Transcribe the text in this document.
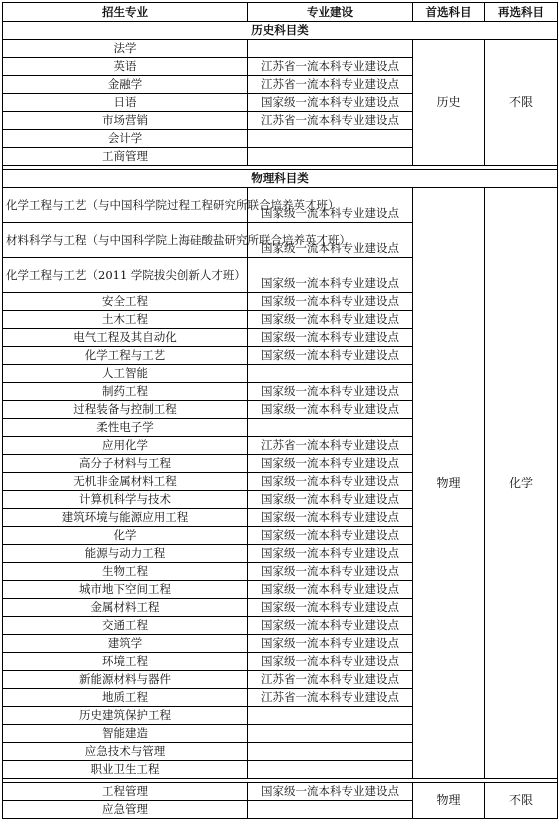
招生专业	专业建设	首选科目	再选科目
历史科目类			
法学		历史	不限
英语	江苏省一流本科专业建设点		
金融学	江苏省一流本科专业建设点		
日语	国家级一流本科专业建设点		
市场营销	江苏省一流本科专业建设点		
会计学			
工商管理			

物理科目类			
化学工程与工艺（与中国科学院过程工程研究所联合培养英才班）	国家级一流本科专业建设点	物理	化学
材料科学与工程（与中国科学院上海硅酸盐研究所联合培养英才班）	国家级一流本科专业建设点		
化学工程与工艺（2011 学院拔尖创新人才班）	国家级一流本科专业建设点		
安全工程	国家级一流本科专业建设点		
土木工程	国家级一流本科专业建设点		
电气工程及其自动化	国家级一流本科专业建设点		
化学工程与工艺	国家级一流本科专业建设点		
人工智能			
制药工程	国家级一流本科专业建设点		
过程装备与控制工程	国家级一流本科专业建设点		
柔性电子学			
应用化学	江苏省一流本科专业建设点		
高分子材料与工程	国家级一流本科专业建设点		
无机非金属材料工程	国家级一流本科专业建设点		
计算机科学与技术	国家级一流本科专业建设点		
建筑环境与能源应用工程	国家级一流本科专业建设点		
化学	国家级一流本科专业建设点		
能源与动力工程	国家级一流本科专业建设点		
生物工程	国家级一流本科专业建设点		
城市地下空间工程	国家级一流本科专业建设点		
金属材料工程	国家级一流本科专业建设点		
交通工程	国家级一流本科专业建设点		
建筑学	国家级一流本科专业建设点		
环境工程	国家级一流本科专业建设点		
新能源材料与器件	江苏省一流本科专业建设点		
地质工程	江苏省一流本科专业建设点		
历史建筑保护工程			
智能建造			
应急技术与管理			
职业卫生工程			

工程管理	国家级一流本科专业建设点	物理	不限
应急管理			
